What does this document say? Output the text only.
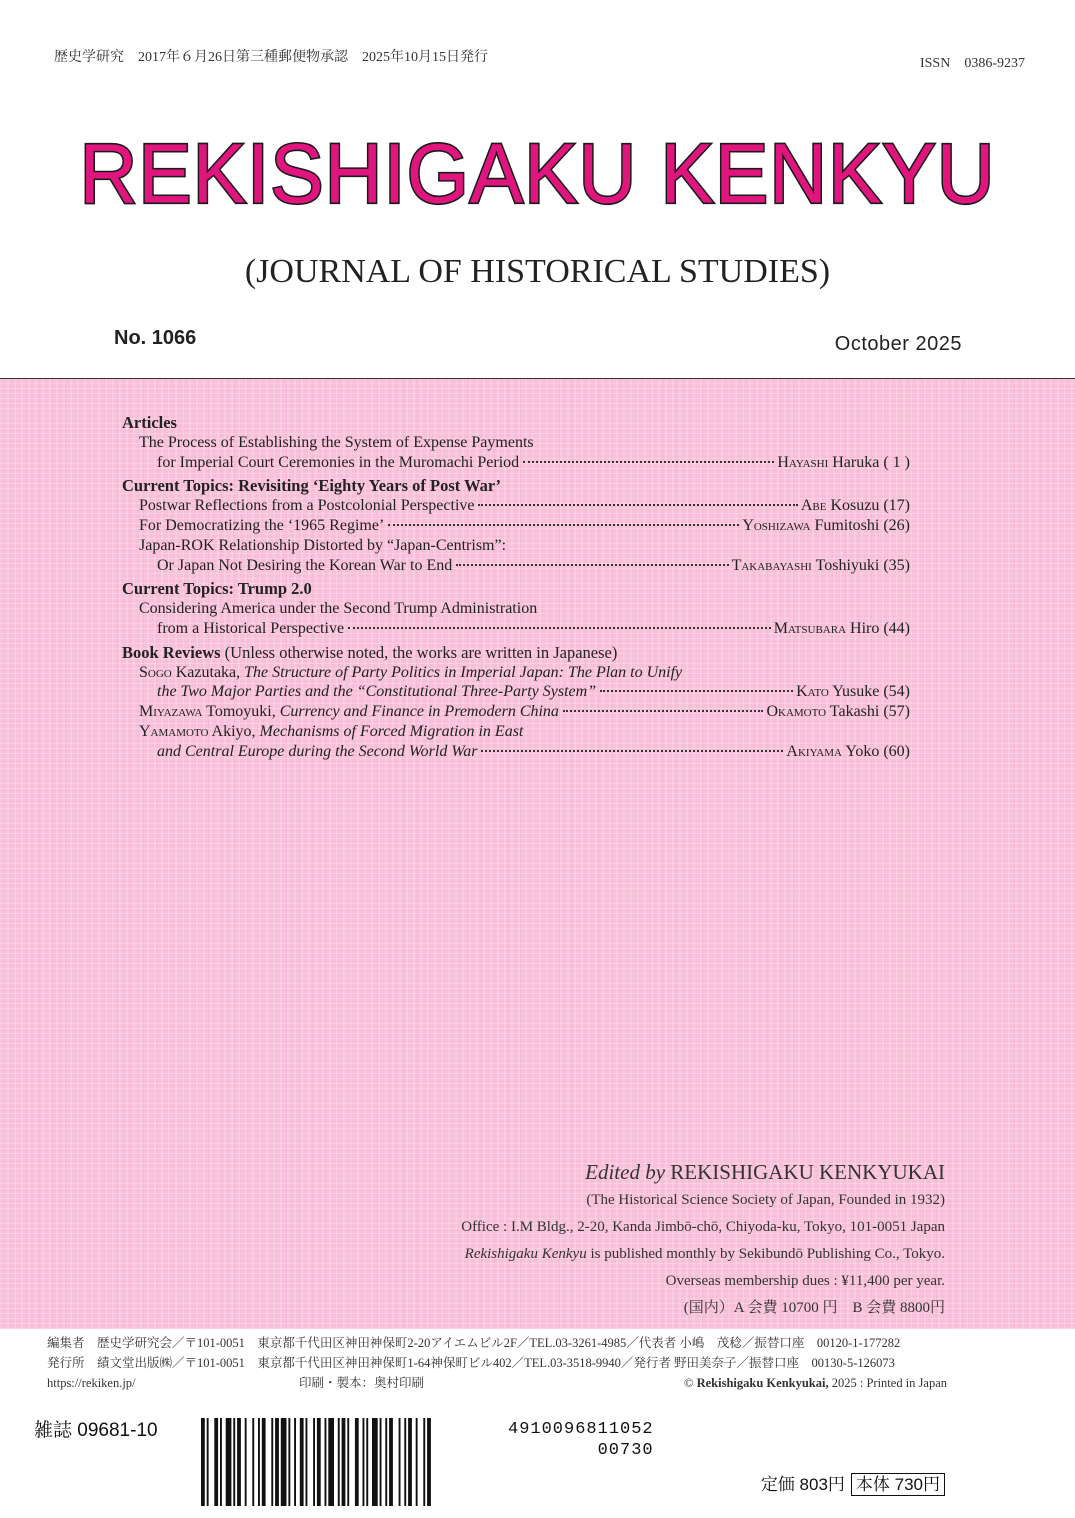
歴史学研究　2017年６月26日第三種郵便物承認　2025年10月15日発行	ISSN　0386-9237
REKISHIGAKU KENKYU
(JOURNAL OF HISTORICAL STUDIES)
No. 1066	October 2025
Articles
The Process of Establishing the System of Expense Payments
for Imperial Court Ceremonies in the Muromachi Period	Hayashi Haruka ( 1 )
Current Topics: Revisiting ‘Eighty Years of Post War’
Postwar Reflections from a Postcolonial Perspective	Abe Kosuzu (17)
For Democratizing the ‘1965 Regime’	Yoshizawa Fumitoshi (26)
Japan-ROK Relationship Distorted by “Japan-Centrism”:
Or Japan Not Desiring the Korean War to End	Takabayashi Toshiyuki (35)
Current Topics: Trump 2.0
Considering America under the Second Trump Administration
from a Historical Perspective	Matsubara Hiro (44)
Book Reviews (Unless otherwise noted, the works are written in Japanese)
Sogo Kazutaka, The Structure of Party Politics in Imperial Japan: The Plan to Unify
the Two Major Parties and the “Constitutional Three-Party System”	Kato Yusuke (54)
Miyazawa Tomoyuki, Currency and Finance in Premodern China	Okamoto Takashi (57)
Yamamoto Akiyo, Mechanisms of Forced Migration in East
and Central Europe during the Second World War	Akiyama Yoko (60)
Edited by REKISHIGAKU KENKYUKAI
(The Historical Science Society of Japan, Founded in 1932)
Office : I.M Bldg., 2-20, Kanda Jimbō-chō, Chiyoda-ku, Tokyo, 101-0051 Japan
Rekishigaku Kenkyu is published monthly by Sekibundō Publishing Co., Tokyo.
Overseas membership dues : ¥11,400 per year.
(国内）A 会費 10700 円　B 会費 8800円
編集者　歴史学研究会／〒101-0051　東京都千代田区神田神保町2-20アイエムビル2F／TEL.03-3261-4985／代表者 小嶋　茂稔／振替口座　00120-1-177282
発行所　績文堂出版㈱／〒101-0051　東京都千代田区神田神保町1-64神保町ビル402／TEL.03-3518-9940／発行者 野田美奈子／振替口座　00130-5-126073
https://rekiken.jp/	印刷・製本：奥村印刷	© Rekishigaku Kenkyukai, 2025 : Printed in Japan
雑誌 09681-10	4910096811052
00730
定価 803円 本体 730円
